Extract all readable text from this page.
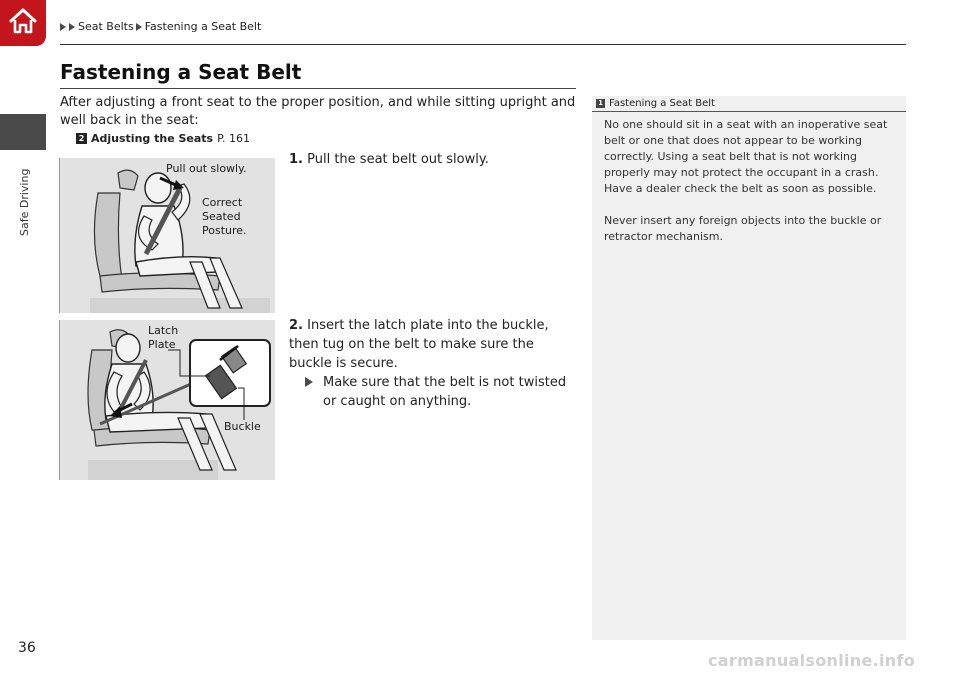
Safe Driving
Seat Belts Fastening a Seat Belt
Fastening a Seat Belt
After adjusting a front seat to the proper position, and while sitting upright and well back in the seat:
2 Adjusting the Seats P. 161
Pull out slowly.
Correct
Seated
Posture.
1. Pull the seat belt out slowly.
Latch
Plate
Buckle
2. Insert the latch plate into the buckle, then tug on the belt to make sure the buckle is secure.
Make sure that the belt is not twisted or caught on anything.
1 Fastening a Seat Belt
No one should sit in a seat with an inoperative seat belt or one that does not appear to be working correctly. Using a seat belt that is not working properly may not protect the occupant in a crash. Have a dealer check the belt as soon as possible.
Never insert any foreign objects into the buckle or retractor mechanism.
36
carmanualsonline.info
